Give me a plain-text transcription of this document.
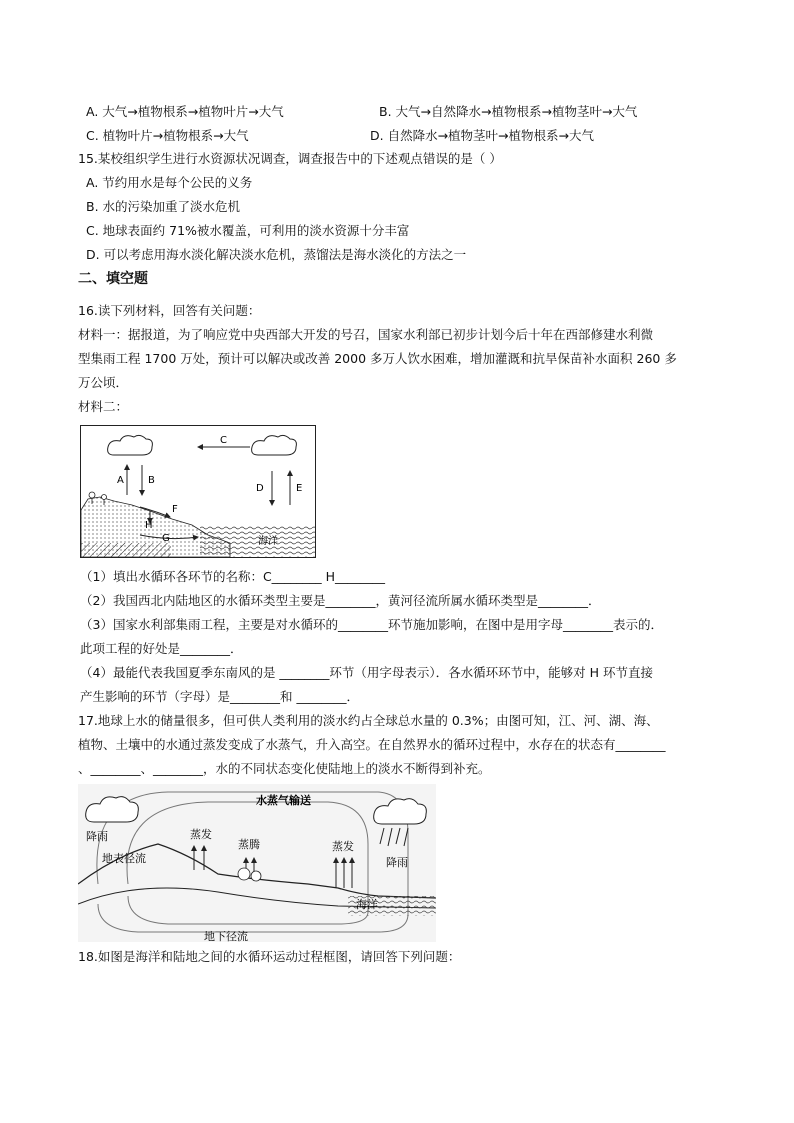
A. 大气→植物根系→植物叶片→大气	B. 大气→自然降水→植物根系→植物茎叶→大气
C. 植物叶片→植物根系→大气	D. 自然降水→植物茎叶→植物根系→大气
15.某校组织学生进行水资源状况调查，调查报告中的下述观点错误的是（ ）
A. 节约用水是每个公民的义务
B. 水的污染加重了淡水危机
C. 地球表面约 71%被水覆盖，可利用的淡水资源十分丰富
D. 可以考虑用海水淡化解决淡水危机，蒸馏法是海水淡化的方法之一
二、填空题
16.读下列材料，回答有关问题：
材料一：据报道，为了响应党中央西部大开发的号召，国家水利部已初步计划今后十年在西部修建水利微
型集雨工程 1700 万处，预计可以解决或改善 2000 多万人饮水困难，增加灌溉和抗旱保苗补水面积 260 多
万公顷．
材料二：
C
A B
D	E
F
H
G	海洋
（1）填出水循环各环节的名称：C________ H________
（2）我国西北内陆地区的水循环类型主要是________，黄河径流所属水循环类型是________．
（3）国家水利部集雨工程，主要是对水循环的________环节施加影响，在图中是用字母________表示的．
此项工程的好处是________．
（4）最能代表我国夏季东南风的是 ________环节（用字母表示）．各水循环环节中，能够对 H 环节直接
产生影响的环节（字母）是________和 ________．
17.地球上水的储量很多，但可供人类利用的淡水约占全球总水量的 0.3%；由图可知，江、河、湖、海、
植物、土壤中的水通过蒸发变成了水蒸气，升入高空。在自然界水的循环过程中，水存在的状态有________
、________、________，水的不同状态变化使陆地上的淡水不断得到补充。
水蒸气输送
降雨	蒸发
蒸腾	蒸发
降雨
地表径流
海洋
地下径流
18.如图是海洋和陆地之间的水循环运动过程框图，请回答下列问题：
